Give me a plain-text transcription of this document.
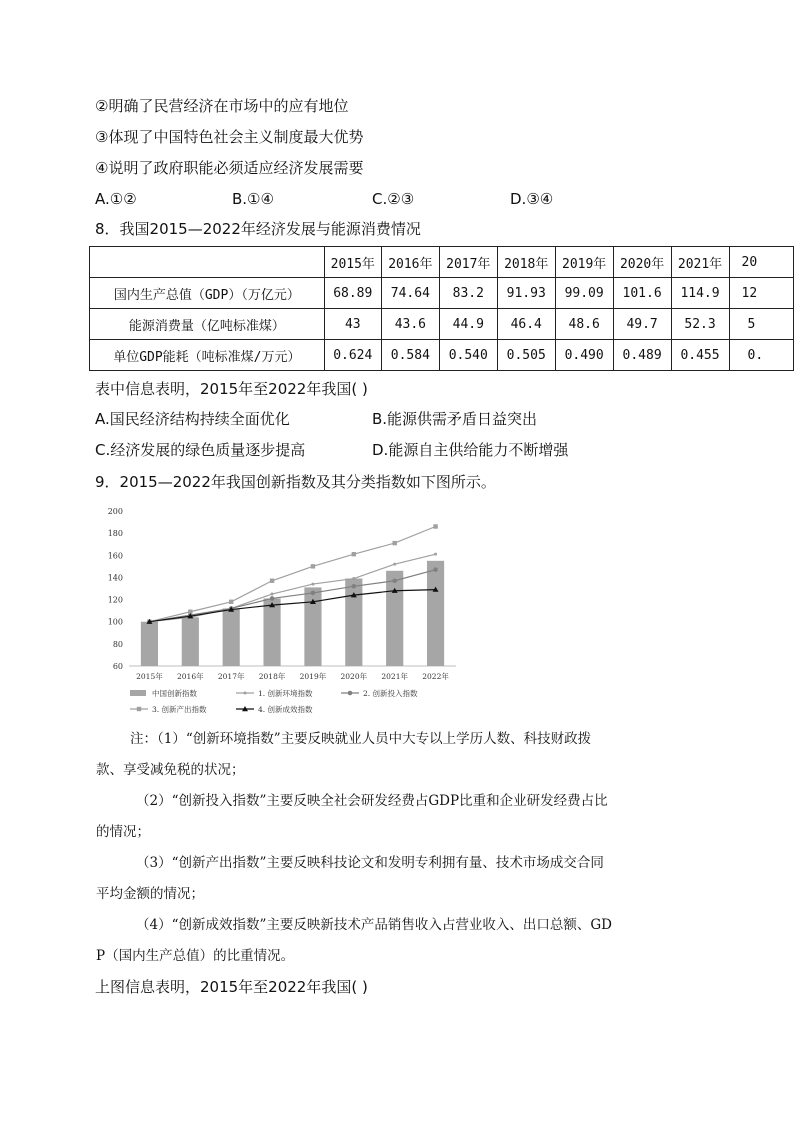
②明确了民营经济在市场中的应有地位
③体现了中国特色社会主义制度最大优势
④说明了政府职能必须适应经济发展需要
A.①②	B.①④	C.②③	D.③④
8．我国2015—2022年经济发展与能源消费情况
	2015年	2016年	2017年	2018年	2019年	2020年	2021年	20
国内生产总值（GDP）（万亿元）	68.89	74.64	83.2	91.93	99.09	101.6	114.9	12
能源消费量（亿吨标准煤）	43	43.6	44.9	46.4	48.6	49.7	52.3	5
单位GDP能耗（吨标准煤/万元）	0.624	0.584	0.540	0.505	0.490	0.489	0.455	0.
表中信息表明，2015年至2022年我国( )
A.国民经济结构持续全面优化	B.能源供需矛盾日益突出
C.经济发展的绿色质量逐步提高	D.能源自主供给能力不断增强
9．2015—2022年我国创新指数及其分类指数如下图所示。
200
180
160
140
120
100
80
60
2015年 2016年 2017年 2018年 2019年 2020年 2021年 2022年
中国创新指数	1. 创新环境指数	2. 创新投入指数
3. 创新产出指数	4. 创新成效指数
注：（1）“创新环境指数”主要反映就业人员中大专以上学历人数、科技财政拨
款、享受减免税的状况；
（2）“创新投入指数”主要反映全社会研发经费占GDP比重和企业研发经费占比
的情况；
（3）“创新产出指数”主要反映科技论文和发明专利拥有量、技术市场成交合同
平均金额的情况；
（4）“创新成效指数”主要反映新技术产品销售收入占营业收入、出口总额、GD
P（国内生产总值）的比重情况。
上图信息表明，2015年至2022年我国( )
